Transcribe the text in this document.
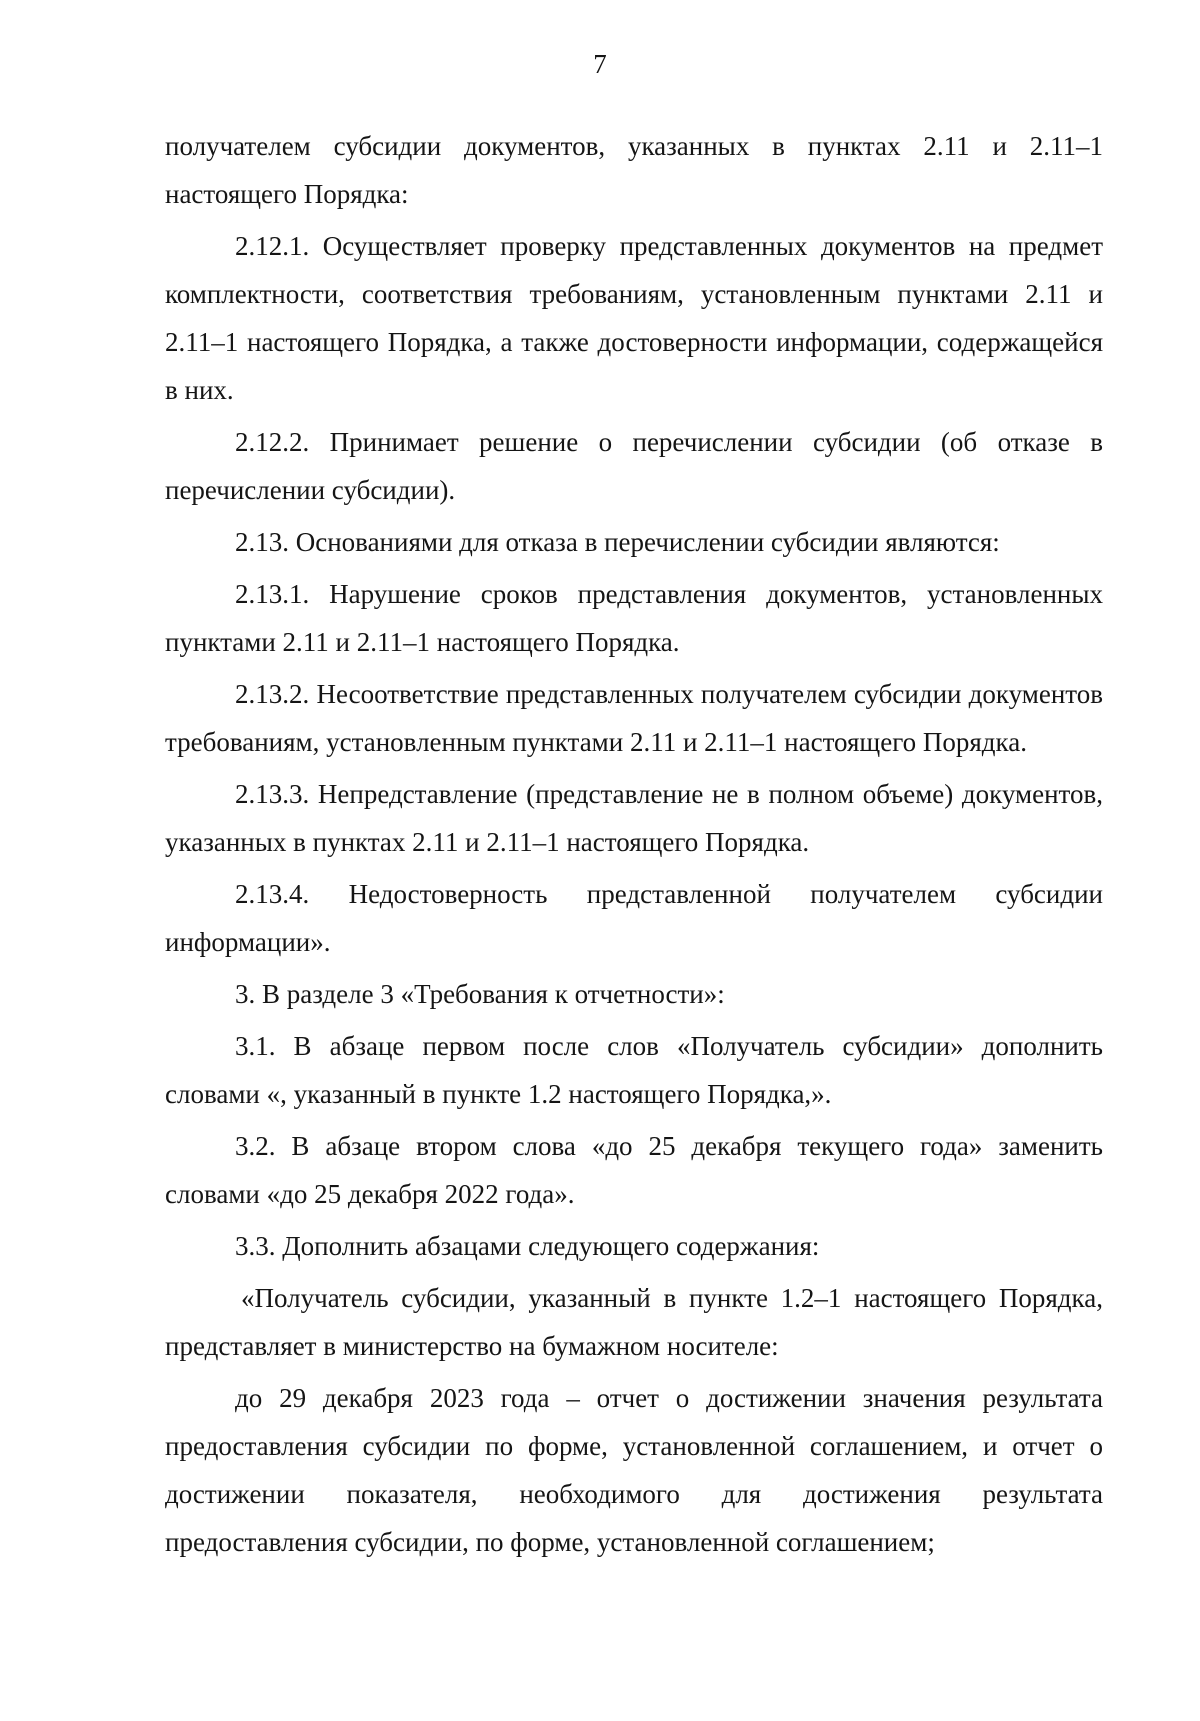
7

получателем субсидии документов, указанных в пунктах 2.11 и 2.11–1 настоящего Порядка:

2.12.1. Осуществляет проверку представленных документов на предмет комплектности, соответствия требованиям, установленным пунктами 2.11 и 2.11–1 настоящего Порядка, а также достоверности информации, содержащейся в них.

2.12.2. Принимает решение о перечислении субсидии (об отказе в перечислении субсидии).

2.13. Основаниями для отказа в перечислении субсидии являются:

2.13.1. Нарушение сроков представления документов, установленных пунктами 2.11 и 2.11–1 настоящего Порядка.

2.13.2. Несоответствие представленных получателем субсидии документов требованиям, установленным пунктами 2.11 и 2.11–1 настоящего Порядка.

2.13.3. Непредставление (представление не в полном объеме) документов, указанных в пунктах 2.11 и 2.11–1 настоящего Порядка.

2.13.4. Недостоверность представленной получателем субсидии информации».

3. В разделе 3 «Требования к отчетности»:

3.1. В абзаце первом после слов «Получатель субсидии» дополнить словами «, указанный в пункте 1.2 настоящего Порядка,».

3.2. В абзаце втором слова «до 25 декабря текущего года» заменить словами «до 25 декабря 2022 года».

3.3. Дополнить абзацами следующего содержания:

«Получатель субсидии, указанный в пункте 1.2–1 настоящего Порядка, представляет в министерство на бумажном носителе:

до 29 декабря 2023 года – отчет о достижении значения результата предоставления субсидии по форме, установленной соглашением, и отчет о достижении показателя, необходимого для достижения результата предоставления субсидии, по форме, установленной соглашением;
